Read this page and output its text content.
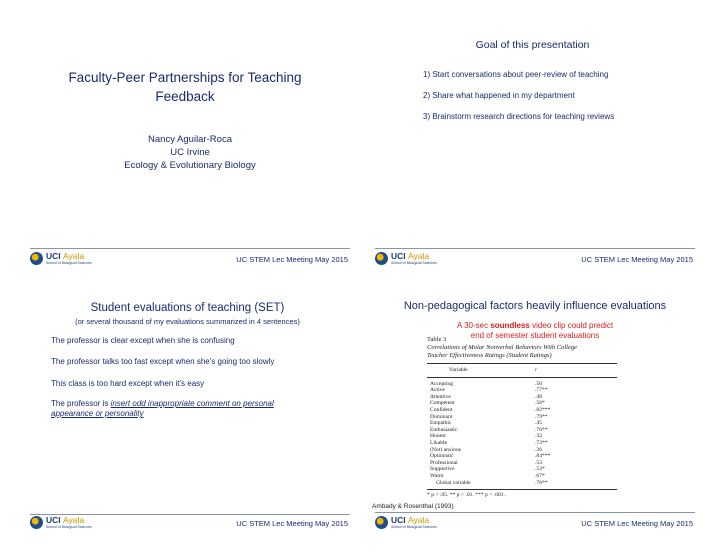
Faculty-Peer Partnerships for Teaching Feedback
Nancy Aguilar-Roca
UC Irvine
Ecology & Evolutionary Biology
UCI Ayala
School of Biological Sciences	UC STEM Lec Meeting May 2015
Goal of this presentation
1) Start conversations about peer-review of teaching
2) Share what happened in my department
3) Brainstorm research directions for teaching reviews
UCI Ayala
School of Biological Sciences	UC STEM Lec Meeting May 2015
Student evaluations of teaching (SET)
(or several thousand of my evaluations summarized in 4 sentences)
The professor is clear except when she is confusing
The professor talks too fast except when she's going too slowly
This class is too hard except when it's easy
The professor is insert odd inappropriate comment on personal
appearance or personality
UCI Ayala
School of Biological Sciences	UC STEM Lec Meeting May 2015
Non-pedagogical factors heavily influence evaluations
A 30-sec soundless video clip could predict
end of semester student evaluations
Table 3
Correlations of Molar Nonverbal Behaviors With College
Teacher Effectiveness Ratings (Student Ratings)
Variable	r
Accepting	.50
Active	.77**
Attentive	.48
Competent	.56*
Confident	.82***
Dominant	.79**
Empathic	.45
Enthusiastic	.76**
Honest	.32
Likable	.73**
(Not) anxious	.26
Optimistic	.84***
Professional	.53
Supportive	.53*
Warm	.67*
Global variable	.76**
* p < .05. ** p < .01. *** p < .001.
Ambady & Rosenthal (1993)
UCI Ayala
School of Biological Sciences	UC STEM Lec Meeting May 2015
